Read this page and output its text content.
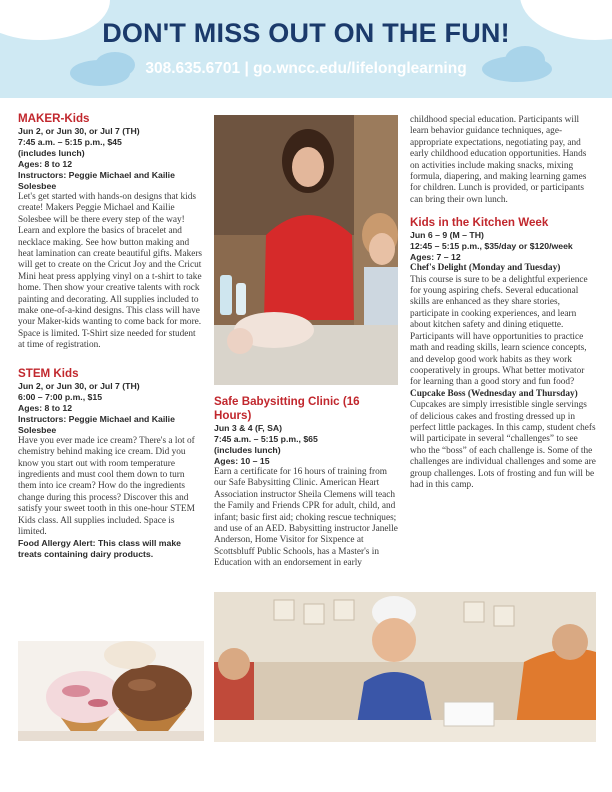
DON'T MISS OUT ON THE FUN!
308.635.6701 | go.wncc.edu/lifelonglearning
MAKER-Kids
Jun 2, or Jun 30, or Jul 7 (TH)
7:45 a.m. – 5:15 p.m., $45
(includes lunch)
Ages: 8 to 12
Instructors: Peggie Michael and Kailie Solesbee

Let's get started with hands-on designs that kids create! Makers Peggie Michael and Kailie Solesbee will be there every step of the way! Learn and explore the basics of bracelet and necklace making. See how button making and heat lamination can create beautiful gifts. Makers will get to create on the Cricut Joy and the Cricut Mini heat press applying vinyl on a t-shirt to take home. Then show your creative talents with rock painting and decorating. All supplies included to make one-of-a-kind designs. This class will have your Maker-kids wanting to come back for more. Space is limited. T-Shirt size needed for student at time of registration.

STEM Kids
Jun 2, or Jun 30, or Jul 7 (TH)
6:00 – 7:00 p.m., $15
Ages: 8 to 12
Instructors: Peggie Michael and Kailie Solesbee

Have you ever made ice cream? There's a lot of chemistry behind making ice cream. Did you know you start out with room temperature ingredients and must cool them down to turn them into ice cream? How do the ingredients change during this process? Discover this and satisfy your sweet tooth in this one-hour STEM Kids class. All supplies included. Space is limited.

Food Allergy Alert: This class will make treats containing dairy products.
Safe Babysitting Clinic (16 Hours)
Jun 3 & 4 (F, SA)
7:45 a.m. – 5:15 p.m., $65
(includes lunch)
Ages: 10 – 15

Earn a certificate for 16 hours of training from our Safe Babysitting Clinic. American Heart Association instructor Sheila Clemens will teach the Family and Friends CPR for adult, child, and infant; basic first aid; choking rescue techniques; and use of an AED. Babysitting instructor Janelle Anderson, Home Visitor for Sixpence at Scottsbluff Public Schools, has a Master's in Education with an endorsement in early

childhood special education. Participants will learn behavior guidance techniques, age-appropriate expectations, negotiating pay, and early childhood education opportunities. Hands on activities include making snacks, mixing formula, diapering, and making learning games for children. Lunch is provided, or participants can bring their own lunch.

Kids in the Kitchen Week
Jun 6 – 9 (M – TH)
12:45 – 5:15 p.m., $35/day or $120/week
Ages: 7 – 12
Chef's Delight (Monday and Tuesday)

This course is sure to be a delightful experience for young aspiring chefs. Several educational skills are enhanced as they share stories, participate in cooking experiences, and learn about kitchen safety and dining etiquette. Participants will have opportunities to practice math and reading skills, learn science concepts, and develop good work habits as they work cooperatively in groups. What better motivator for learning than a good story and fun food?

Cupcake Boss (Wednesday and Thursday)

Cupcakes are simply irresistible single servings of delicious cakes and frosting dressed up in perfect little packages. In this camp, student chefs will participate in several “challenges” to see who the “boss” of each challenge is. Some of the challenges are individual challenges and some are group challenges. Lots of frosting and fun will be had in this camp.
